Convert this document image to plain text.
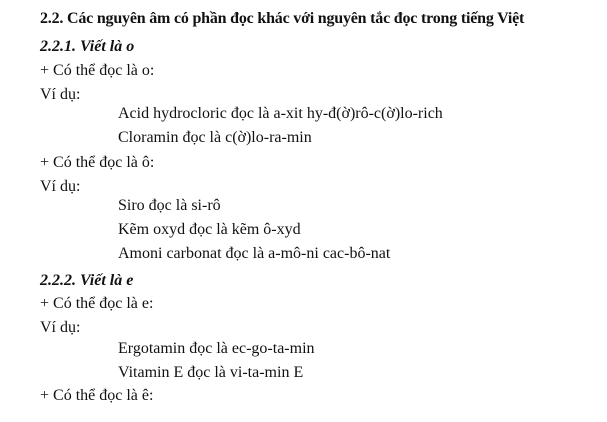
2.2. Các nguyên âm có phần đọc khác với nguyên tắc đọc trong tiếng Việt
2.2.1. Viết là o
+ Có thể đọc là o:
Ví dụ:
Acid hydrocloric đọc là a-xit hy-đ(ờ)rô-c(ờ)lo-rich
Cloramin đọc là c(ờ)lo-ra-min
+ Có thể đọc là ô:
Ví dụ:
Siro đọc là si-rô
Kẽm oxyd đọc là kẽm ô-xyd
Amoni carbonat đọc là a-mô-ni cac-bô-nat
2.2.2. Viết là e
+ Có thể đọc là e:
Ví dụ:
Ergotamin đọc là ec-go-ta-min
Vitamin E đọc là vi-ta-min E
+ Có thể đọc là ê:
